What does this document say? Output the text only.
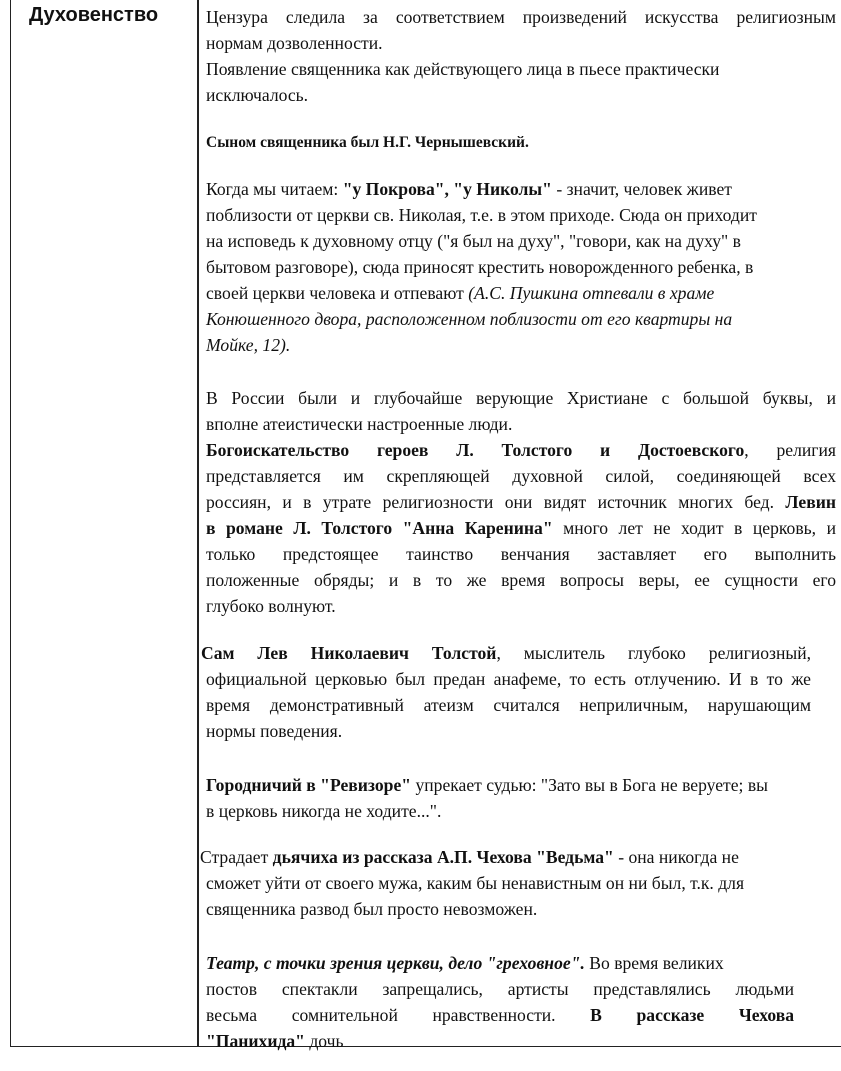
Духовенство	Цензура следила за соответствием произведений искусства религиозным
нормам дозволенности.
Появление священника как действующего лица в пьесе практически
исключалось.
Сыном священника был Н.Г. Чернышевский.
Когда мы читаем: "у Покрова", "у Николы" - значит, человек живет
поблизости от церкви св. Николая, т.е. в этом приходе. Сюда он приходит
на исповедь к духовному отцу ("я был на духу", "говори, как на духу" в
бытовом разговоре), сюда приносят крестить новорожденного ребенка, в
своей церкви человека и отпевают (А.С. Пушкина отпевали в храме
Конюшенного двора, расположенном поблизости от его квартиры на
Мойке, 12).
В России были и глубочайше верующие Христиане с большой буквы, и
вполне атеистически настроенные люди.
Богоискательство героев Л. Толстого и Достоевского, религия
представляется им скрепляющей духовной силой, соединяющей всех
россиян, и в утрате религиозности они видят источник многих бед. Левин
в романе Л. Толстого "Анна Каренина" много лет не ходит в церковь, и
только предстоящее таинство венчания заставляет его выполнить
положенные обряды; и в то же время вопросы веры, ее сущности его
глубоко волнуют.
Сам Лев Николаевич Толстой, мыслитель глубоко религиозный,
официальной церковью был предан анафеме, то есть отлучению. И в то же
время демонстративный атеизм считался неприличным, нарушающим
нормы поведения.
Городничий в "Ревизоре" упрекает судью: "Зато вы в Бога не веруете; вы
в церковь никогда не ходите...".
Страдает дьячиха из рассказа А.П. Чехова "Ведьма" - она никогда не
сможет уйти от своего мужа, каким бы ненавистным он ни был, т.к. для
священника развод был просто невозможен.
Театр, с точки зрения церкви, дело "греховное". Во время великих
постов спектакли запрещались, артисты представлялись людьми
весьма сомнительной нравственности. В рассказе Чехова
"Панихида" дочь
